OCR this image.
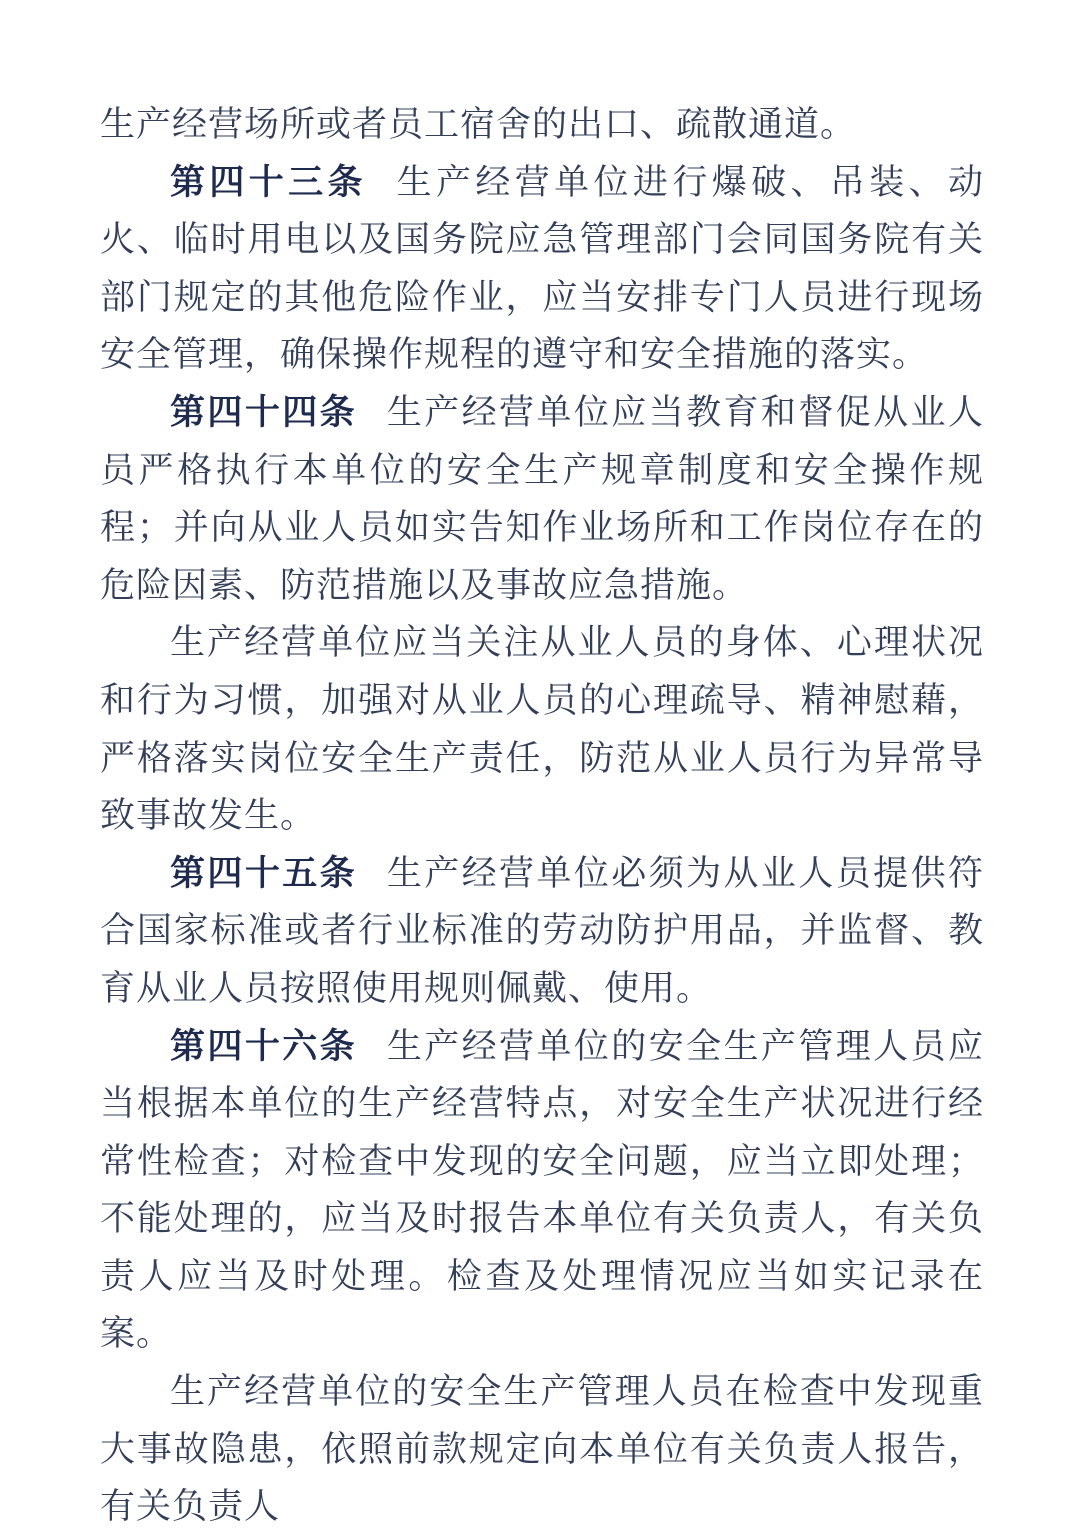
生产经营场所或者员工宿舍的出口、疏散通道。

第四十三条 生产经营单位进行爆破、吊装、动火、临时用电以及国务院应急管理部门会同国务院有关部门规定的其他危险作业，应当安排专门人员进行现场安全管理，确保操作规程的遵守和安全措施的落实。

第四十四条 生产经营单位应当教育和督促从业人员严格执行本单位的安全生产规章制度和安全操作规程；并向从业人员如实告知作业场所和工作岗位存在的危险因素、防范措施以及事故应急措施。

生产经营单位应当关注从业人员的身体、心理状况和行为习惯，加强对从业人员的心理疏导、精神慰藉，严格落实岗位安全生产责任，防范从业人员行为异常导致事故发生。

第四十五条 生产经营单位必须为从业人员提供符合国家标准或者行业标准的劳动防护用品，并监督、教育从业人员按照使用规则佩戴、使用。

第四十六条 生产经营单位的安全生产管理人员应当根据本单位的生产经营特点，对安全生产状况进行经常性检查；对检查中发现的安全问题，应当立即处理；不能处理的，应当及时报告本单位有关负责人，有关负责人应当及时处理。检查及处理情况应当如实记录在案。

生产经营单位的安全生产管理人员在检查中发现重大事故隐患，依照前款规定向本单位有关负责人报告，有关负责人
